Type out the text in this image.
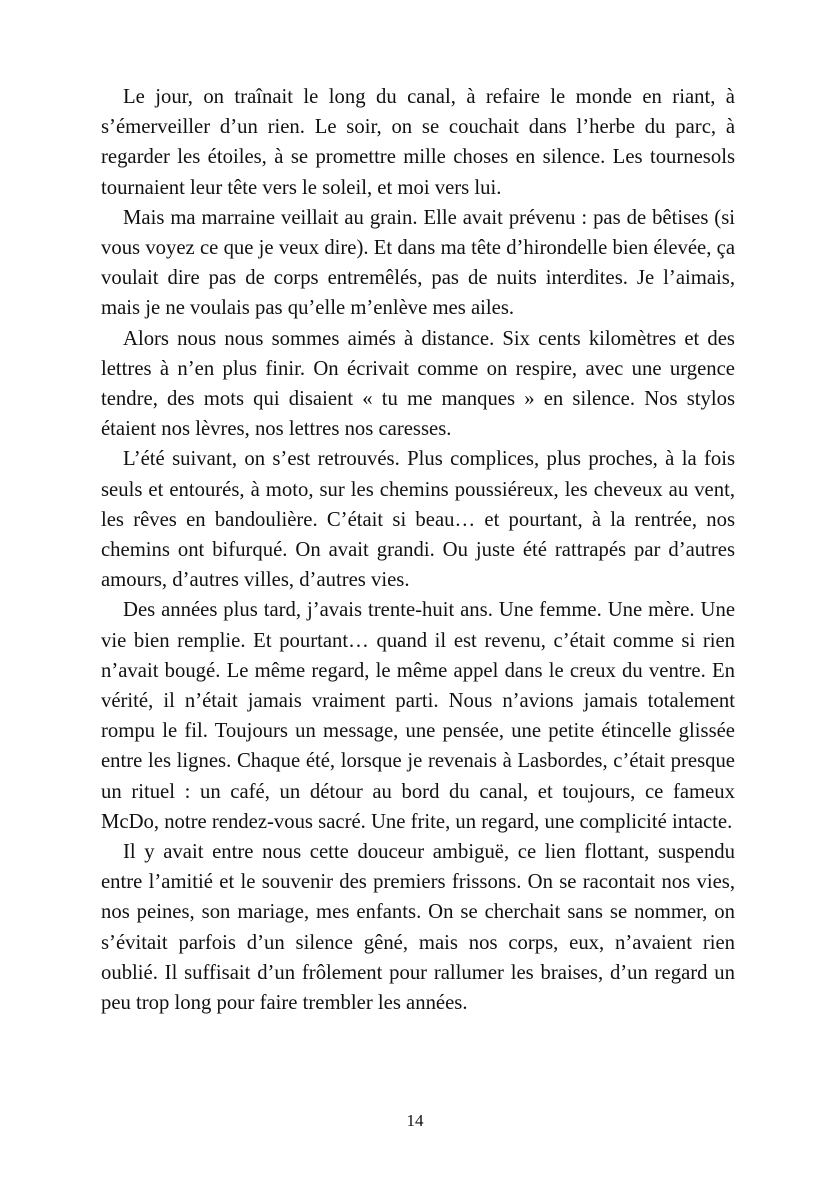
Le jour, on traînait le long du canal, à refaire le monde en riant, à s’émerveiller d’un rien. Le soir, on se couchait dans l’herbe du parc, à regarder les étoiles, à se promettre mille choses en silence. Les tournesols tournaient leur tête vers le soleil, et moi vers lui.

Mais ma marraine veillait au grain. Elle avait prévenu : pas de bêtises (si vous voyez ce que je veux dire). Et dans ma tête d’hirondelle bien élevée, ça voulait dire pas de corps entremêlés, pas de nuits interdites. Je l’aimais, mais je ne voulais pas qu’elle m’enlève mes ailes.

Alors nous nous sommes aimés à distance. Six cents kilomètres et des lettres à n’en plus finir. On écrivait comme on respire, avec une urgence tendre, des mots qui disaient « tu me manques » en silence. Nos stylos étaient nos lèvres, nos lettres nos caresses.

L’été suivant, on s’est retrouvés. Plus complices, plus proches, à la fois seuls et entourés, à moto, sur les chemins poussiéreux, les cheveux au vent, les rêves en bandoulière. C’était si beau… et pourtant, à la rentrée, nos chemins ont bifurqué. On avait grandi. Ou juste été rattrapés par d’autres amours, d’autres villes, d’autres vies.

Des années plus tard, j’avais trente-huit ans. Une femme. Une mère. Une vie bien remplie. Et pourtant… quand il est revenu, c’était comme si rien n’avait bougé. Le même regard, le même appel dans le creux du ventre. En vérité, il n’était jamais vraiment parti. Nous n’avions jamais totalement rompu le fil. Toujours un message, une pensée, une petite étincelle glissée entre les lignes. Chaque été, lorsque je revenais à Lasbordes, c’était presque un rituel : un café, un détour au bord du canal, et toujours, ce fameux McDo, notre rendez-vous sacré. Une frite, un regard, une complicité intacte.

Il y avait entre nous cette douceur ambiguë, ce lien flottant, suspendu entre l’amitié et le souvenir des premiers frissons. On se racontait nos vies, nos peines, son mariage, mes enfants. On se cherchait sans se nommer, on s’évitait parfois d’un silence gêné, mais nos corps, eux, n’avaient rien oublié. Il suffisait d’un frôlement pour rallumer les braises, d’un regard un peu trop long pour faire trembler les années.

14
